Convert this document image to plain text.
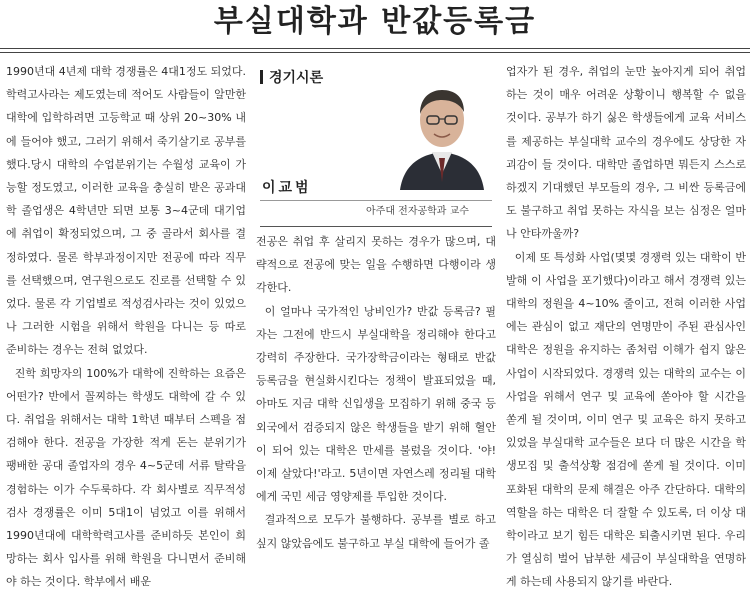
부실대학과 반값등록금

1990년대 4년제 대학 경쟁률은 4대1정도 되었다. 학력고사라는 제도였는데 적어도 사람들이 알만한 대학에 입학하려면 고등학교 때 상위 20~30% 내에 들어야 했고, 그러기 위해서 죽기살기로 공부를 했다.당시 대학의 수업분위기는 수월성 교육이 가능할 정도였고, 이러한 교육을 충실히 받은 공과대학 졸업생은 4학년만 되면 보통 3~4군데 대기업에 취업이 확정되었으며, 그 중 골라서 회사를 결정하였다. 물론 학부과정이지만 전공에 따라 직무를 선택했으며, 연구원으로도 진로를 선택할 수 있었다. 물론 각 기업별로 적성검사라는 것이 있었으나 그러한 시험을 위해서 학원을 다니는 등 따로 준비하는 경우는 전혀 없었다.

진학 희망자의 100%가 대학에 진학하는 요즘은 어떤가? 반에서 꼴찌하는 학생도 대학에 갈 수 있다. 취업을 위해서는 대학 1학년 때부터 스펙을 점검해야 한다. 전공을 가장한 적게 돈는 분위기가 팽배한 공대 졸업자의 경우 4~5군데 서류 탈락을 경험하는 이가 수두룩하다. 각 회사별로 직무적성검사 경쟁률은 이미 5대1이 넘었고 이를 위해서 1990년대에 대학학력고사를 준비하듯 본인이 희망하는 회사 입사를 위해 학원을 다니면서 준비해야 하는 것이다. 학부에서 배운

경기시론
이교범
아주대 전자공학과 교수

전공은 취업 후 살리지 못하는 경우가 많으며, 대략적으로 전공에 맞는 일을 수행하면 다행이라 생각한다.

이 얼마나 국가적인 낭비인가? 반값 등록금? 필자는 그전에 반드시 부실대학을 정리해야 한다고 강력히 주장한다. 국가장학금이라는 형태로 반값등록금을 현실화시킨다는 정책이 발표되었을 때, 아마도 지금 대학 신입생을 모집하기 위해 중국 등 외국에서 검증되지 않은 학생들을 받기 위해 혈안이 되어 있는 대학은 만세를 불렀을 것이다. '야! 이제 살았다!'라고. 5년이면 자연스레 정리될 대학에게 국민 세금 영양제를 투입한 것이다.

결과적으로 모두가 불행하다. 공부를 별로 하고 싶지 않았음에도 불구하고 부실 대학에 들어가 졸

업자가 된 경우, 취업의 눈만 높아지게 되어 취업하는 것이 매우 어려운 상황이니 행복할 수 없을 것이다. 공부가 하기 싫은 학생들에게 교육 서비스를 제공하는 부실대학 교수의 경우에도 상당한 자괴감이 들 것이다. 대학만 졸업하면 뭐든지 스스로 하겠지 기대했던 부모들의 경우, 그 비싼 등록금에도 불구하고 취업 못하는 자식을 보는 심정은 얼마나 안타까울까?

이제 또 특성화 사업(몇몇 경쟁력 있는 대학이 반발해 이 사업을 포기했다)이라고 해서 경쟁력 있는 대학의 정원을 4~10% 줄이고, 전혀 이러한 사업에는 관심이 없고 재단의 연명만이 주된 관심사인 대학은 정원을 유지하는 좀처럼 이해가 쉽지 않은 사업이 시작되었다. 경쟁력 있는 대학의 교수는 이 사업을 위해서 연구 및 교육에 쏟아야 할 시간을 쏟게 될 것이며, 이미 연구 및 교육은 하지 못하고 있었을 부실대학 교수들은 보다 더 많은 시간을 학생모집 및 출석상황 점검에 쏟게 될 것이다. 이미 포화된 대학의 문제 해결은 아주 간단하다. 대학의 역할을 하는 대학은 더 잘할 수 있도록, 더 이상 대학이라고 보기 힘든 대학은 퇴출시키면 된다. 우리가 열심히 벌어 납부한 세금이 부실대학을 연명하게 하는데 사용되지 않기를 바란다.
